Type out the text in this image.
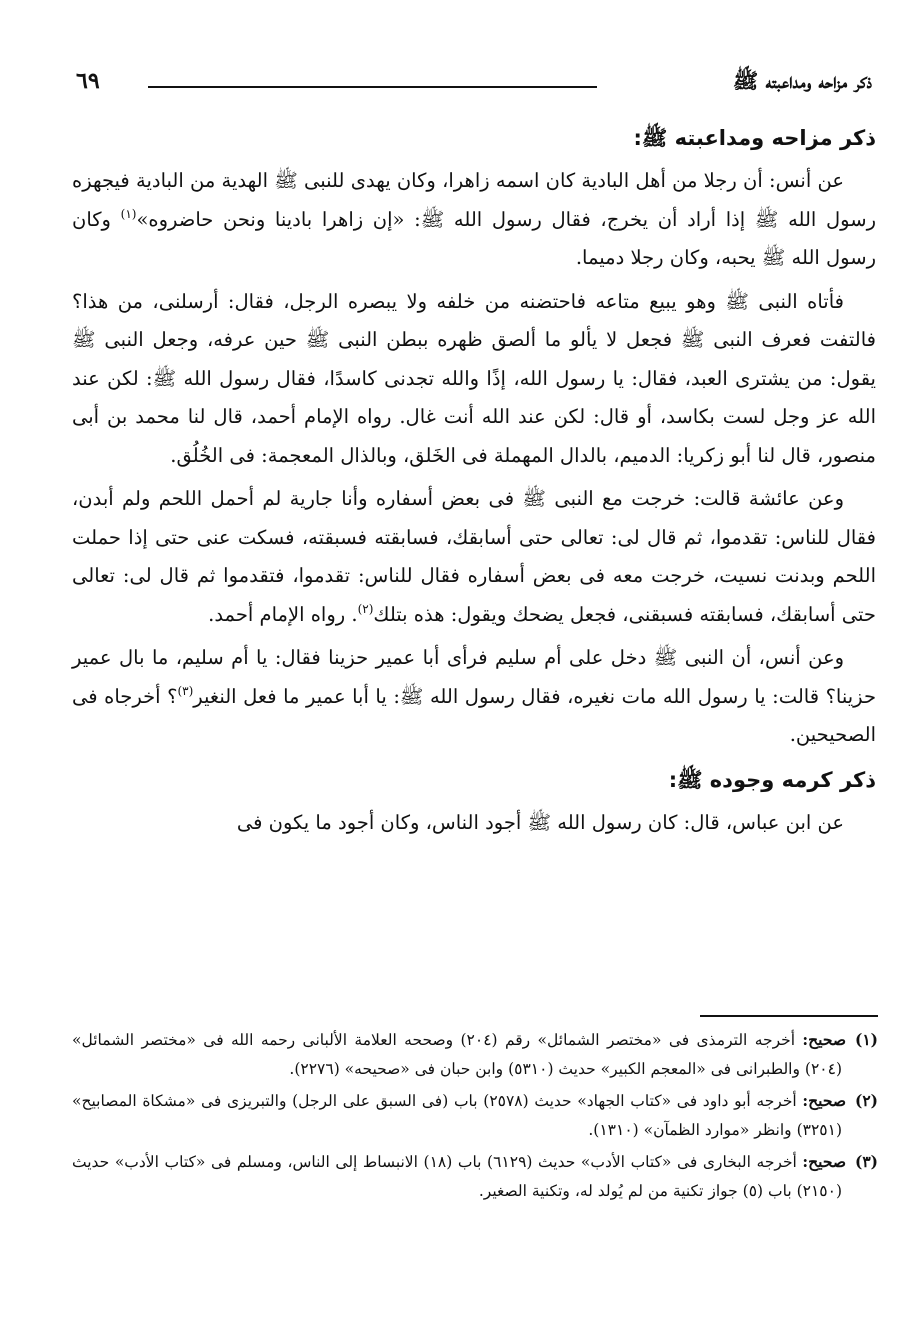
ذكر مزاحه ومداعبته ﷺ
٦٩
ذكر مزاحه ومداعبته ﷺ:

عن أنس: أن رجلا من أهل البادية كان اسمه زاهرا، وكان يهدى للنبى ﷺ الهدية من البادية فيجهزه رسول الله ﷺ إذا أراد أن يخرج، فقال رسول الله ﷺ: «إن زاهرا بادينا ونحن حاضروه»$^{(١)}$ وكان رسول الله ﷺ يحبه، وكان رجلا دميما.

فأتاه النبى ﷺ وهو يبيع متاعه فاحتضنه من خلفه ولا يبصره الرجل، فقال: أرسلنى، من هذا؟ فالتفت فعرف النبى ﷺ فجعل لا يألو ما ألصق ظهره ببطن النبى ﷺ حين عرفه، وجعل النبى ﷺ يقول: من يشترى العبد، فقال: يا رسول الله، إذًا والله تجدنى كاسدًا، فقال رسول الله ﷺ: لكن عند الله عز وجل لست بكاسد، أو قال: لكن عند الله أنت غال. رواه الإمام أحمد، قال لنا محمد بن أبى منصور، قال لنا أبو زكريا: الدميم، بالدال المهملة فى الخَلق، وبالذال المعجمة: فى الخُلُق.

وعن عائشة قالت: خرجت مع النبى ﷺ فى بعض أسفاره وأنا جارية لم أحمل اللحم ولم أبدن، فقال للناس: تقدموا، ثم قال لى: تعالى حتى أسابقك، فسابقته فسبقته، فسكت عنى حتى إذا حملت اللحم وبدنت نسيت، خرجت معه فى بعض أسفاره فقال للناس: تقدموا، فتقدموا ثم قال لى: تعالى حتى أسابقك، فسابقته فسبقنى، فجعل يضحك ويقول: هذه بتلك$^{(٢)}$. رواه الإمام أحمد.

وعن أنس، أن النبى ﷺ دخل على أم سليم فرأى أبا عمير حزينا فقال: يا أم سليم، ما بال عمير حزينا؟ قالت: يا رسول الله مات نغيره، فقال رسول الله ﷺ: يا أبا عمير ما فعل النغير$^{(٣)}$؟ أخرجاه فى الصحيحين.

ذكر كرمه وجوده ﷺ:

عن ابن عباس، قال: كان رسول الله ﷺ أجود الناس، وكان أجود ما يكون فى

(١)صحيح: أخرجه الترمذى فى «مختصر الشمائل» رقم (٢٠٤) وصححه العلامة الألبانى رحمه الله فى «مختصر الشمائل» (٢٠٤) والطبرانى فى «المعجم الكبير» حديث (٥٣١٠) وابن حبان فى «صحيحه» (٢٢٧٦).

(٢)صحيح: أخرجه أبو داود فى «كتاب الجهاد» حديث (٢٥٧٨) باب (فى السبق على الرجل) والتبريزى فى «مشكاة المصابيح» (٣٢٥١) وانظر «موارد الظمآن» (١٣١٠).

(٣)صحيح: أخرجه البخارى فى «كتاب الأدب» حديث (٦١٢٩) باب (١٨) الانبساط إلى الناس، ومسلم فى «كتاب الأدب» حديث (٢١٥٠) باب (٥) جواز تكنية من لم يُولد له، وتكنية الصغير.
